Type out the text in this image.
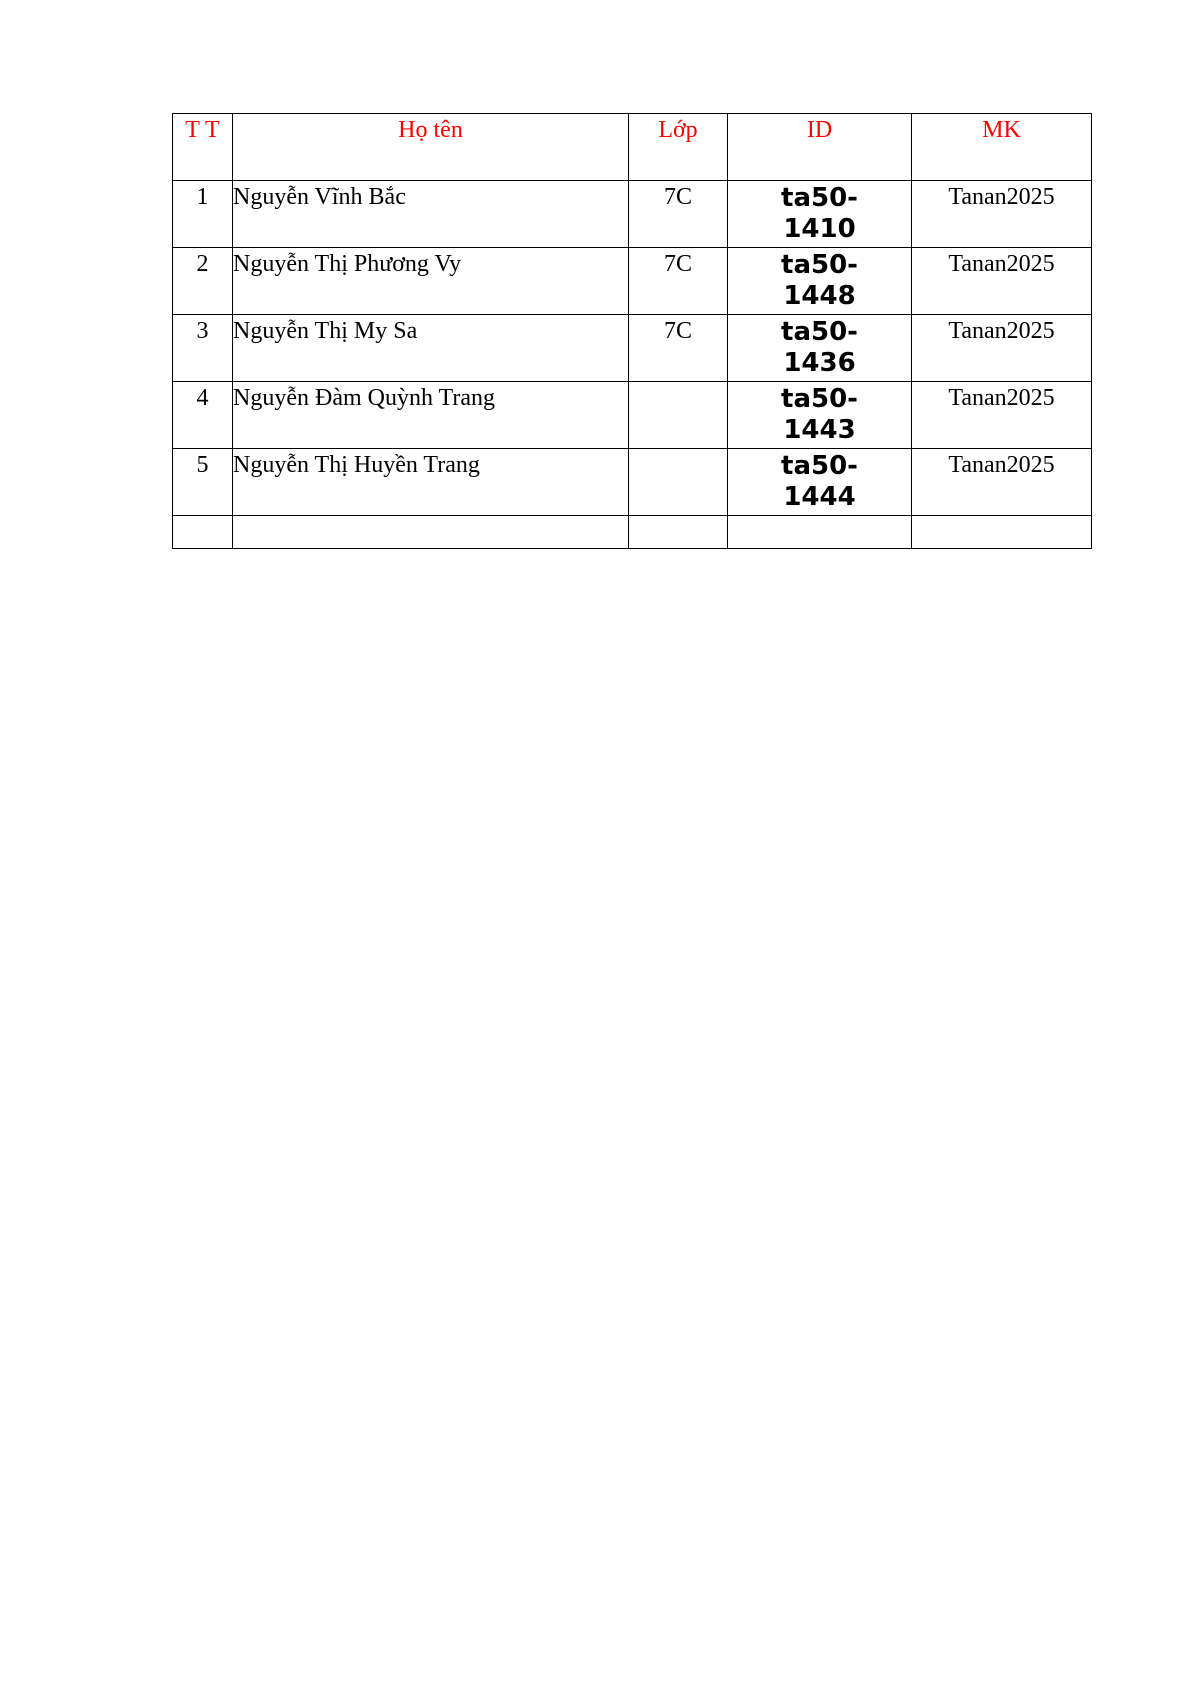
T T	Họ tên	Lớp	ID	MK
1	Nguyễn Vĩnh Bắc	7C	ta50-1410	Tanan2025
2	Nguyễn Thị Phương Vy	7C	ta50-1448	Tanan2025
3	Nguyễn Thị My Sa	7C	ta50-1436	Tanan2025
4	Nguyễn Đàm Quỳnh Trang		ta50-1443	Tanan2025
5	Nguyễn Thị Huyền Trang		ta50-1444	Tanan2025
